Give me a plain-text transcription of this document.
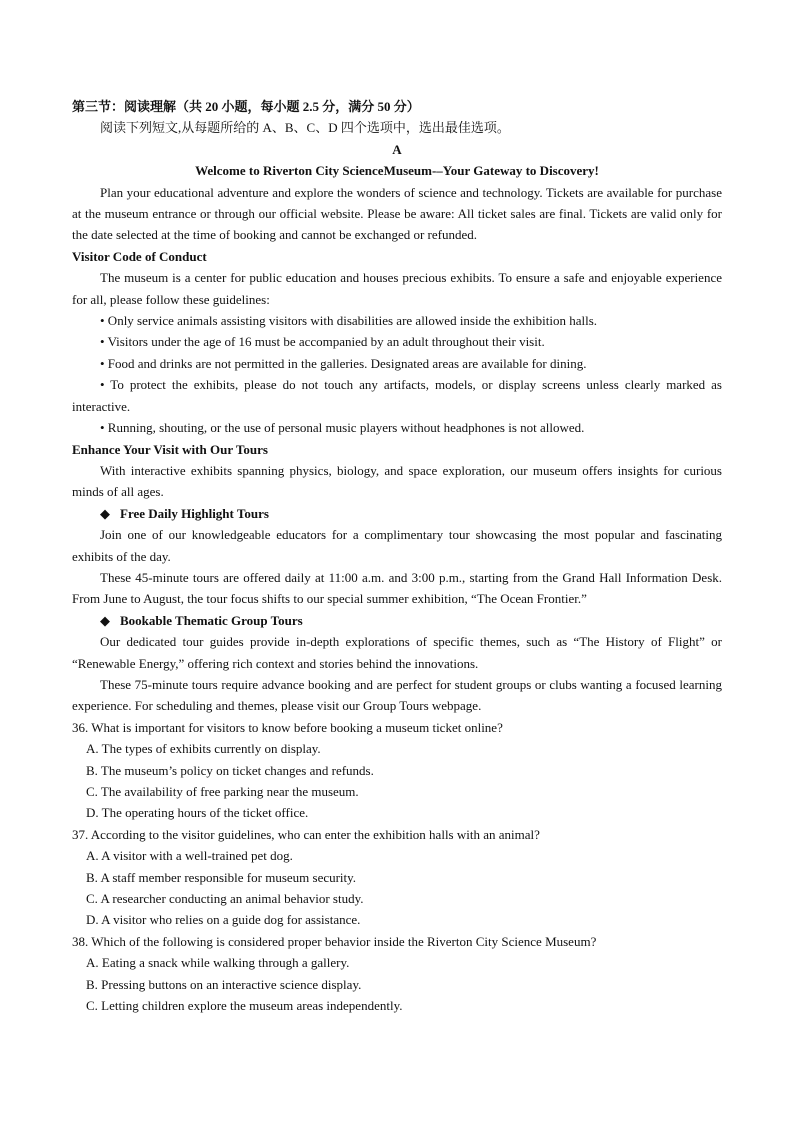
第三节：阅读理解（共 20 小题，每小题 2.5 分，满分 50 分）

阅读下列短文,从每题所给的 A、B、C、D 四个选项中，选出最佳选项。

A

Welcome to Riverton City ScienceMuseum-–Your Gateway to Discovery!

Plan your educational adventure and explore the wonders of science and technology. Tickets are available for purchase at the museum entrance or through our official website. Please be aware: All ticket sales are final. Tickets are valid only for the date selected at the time of booking and cannot be exchanged or refunded.

Visitor Code of Conduct

The museum is a center for public education and houses precious exhibits. To ensure a safe and enjoyable experience for all, please follow these guidelines:

• Only service animals assisting visitors with disabilities are allowed inside the exhibition halls.

• Visitors under the age of 16 must be accompanied by an adult throughout their visit.

• Food and drinks are not permitted in the galleries. Designated areas are available for dining.

• To protect the exhibits, please do not touch any artifacts, models, or display screens unless clearly marked as interactive.

• Running, shouting, or the use of personal music players without headphones is not allowed.

Enhance Your Visit with Our Tours

With interactive exhibits spanning physics, biology, and space exploration, our museum offers insights for curious minds of all ages.

◆ Free Daily Highlight Tours

Join one of our knowledgeable educators for a complimentary tour showcasing the most popular and fascinating exhibits of the day.

These 45-minute tours are offered daily at 11:00 a.m. and 3:00 p.m., starting from the Grand Hall Information Desk. From June to August, the tour focus shifts to our special summer exhibition, “The Ocean Frontier.”

◆ Bookable Thematic Group Tours

Our dedicated tour guides provide in-depth explorations of specific themes, such as “The History of Flight” or “Renewable Energy,” offering rich context and stories behind the innovations.

These 75-minute tours require advance booking and are perfect for student groups or clubs wanting a focused learning experience. For scheduling and themes, please visit our Group Tours webpage.

36. What is important for visitors to know before booking a museum ticket online?

A. The types of exhibits currently on display.

B. The museum’s policy on ticket changes and refunds.

C. The availability of free parking near the museum.

D. The operating hours of the ticket office.

37. According to the visitor guidelines, who can enter the exhibition halls with an animal?

A. A visitor with a well-trained pet dog.

B. A staff member responsible for museum security.

C. A researcher conducting an animal behavior study.

D. A visitor who relies on a guide dog for assistance.

38. Which of the following is considered proper behavior inside the Riverton City Science Museum?

A. Eating a snack while walking through a gallery.

B. Pressing buttons on an interactive science display.

C. Letting children explore the museum areas independently.
